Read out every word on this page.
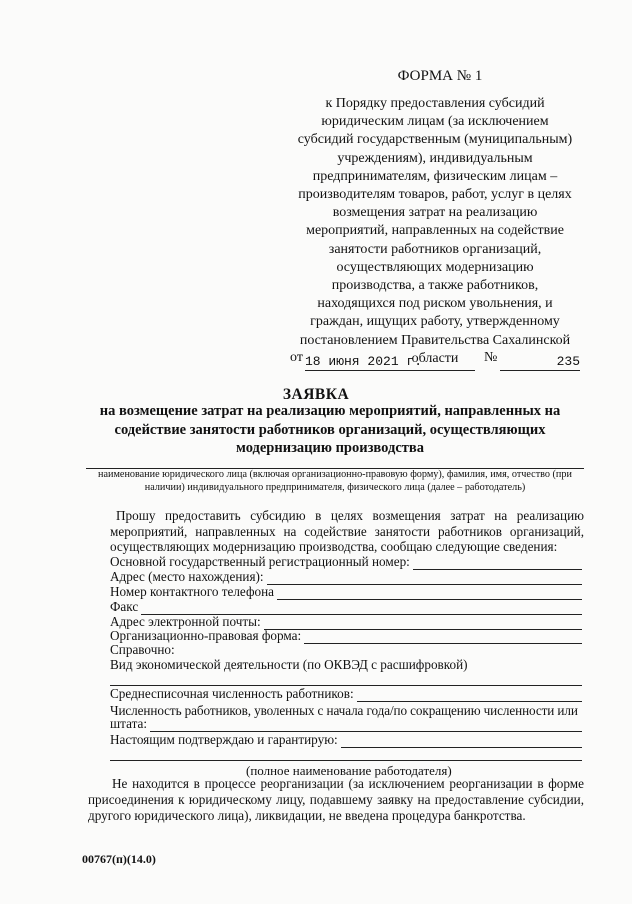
ФОРМА № 1
к Порядку предоставления субсидий
юридическим лицам (за исключением
субсидий государственным (муниципальным)
учреждениям), индивидуальным
предпринимателям, физическим лицам –
производителям товаров, работ, услуг в целях
возмещения затрат на реализацию
мероприятий, направленных на содействие
занятости работников организаций,
осуществляющих модернизацию
производства, а также работников,
находящихся под риском увольнения, и
граждан, ищущих работу, утвержденному
постановлением Правительства Сахалинской
области
от 18 июня 2021 г.	№	235
ЗАЯВКА
на возмещение затрат на реализацию мероприятий, направленных на
содействие занятости работников организаций, осуществляющих
модернизацию производства
наименование юридического лица (включая организационно-правовую форму), фамилия, имя, отчество (при наличии) индивидуального предпринимателя, физического лица (далее – работодатель)
Прошу предоставить субсидию в целях возмещения затрат на реализацию мероприятий, направленных на содействие занятости работников организаций, осуществляющих модернизацию производства, сообщаю следующие сведения:
Основной государственный регистрационный номер:
Адрес (место нахождения):
Номер контактного телефона
Факс
Адрес электронной почты:
Организационно-правовая форма:
Справочно:
Вид экономической деятельности (по ОКВЭД с расшифровкой)
Среднесписочная численность работников:
Численность работников, уволенных с начала года/по сокращению численности или
штата:
Настоящим подтверждаю и гарантирую:
(полное наименование работодателя)
Не находится в процессе реорганизации (за исключением реорганизации в форме присоединения к юридическому лицу, подавшему заявку на предоставление субсидии, другого юридического лица), ликвидации, не введена процедура банкротства.
00767(п)(14.0)
